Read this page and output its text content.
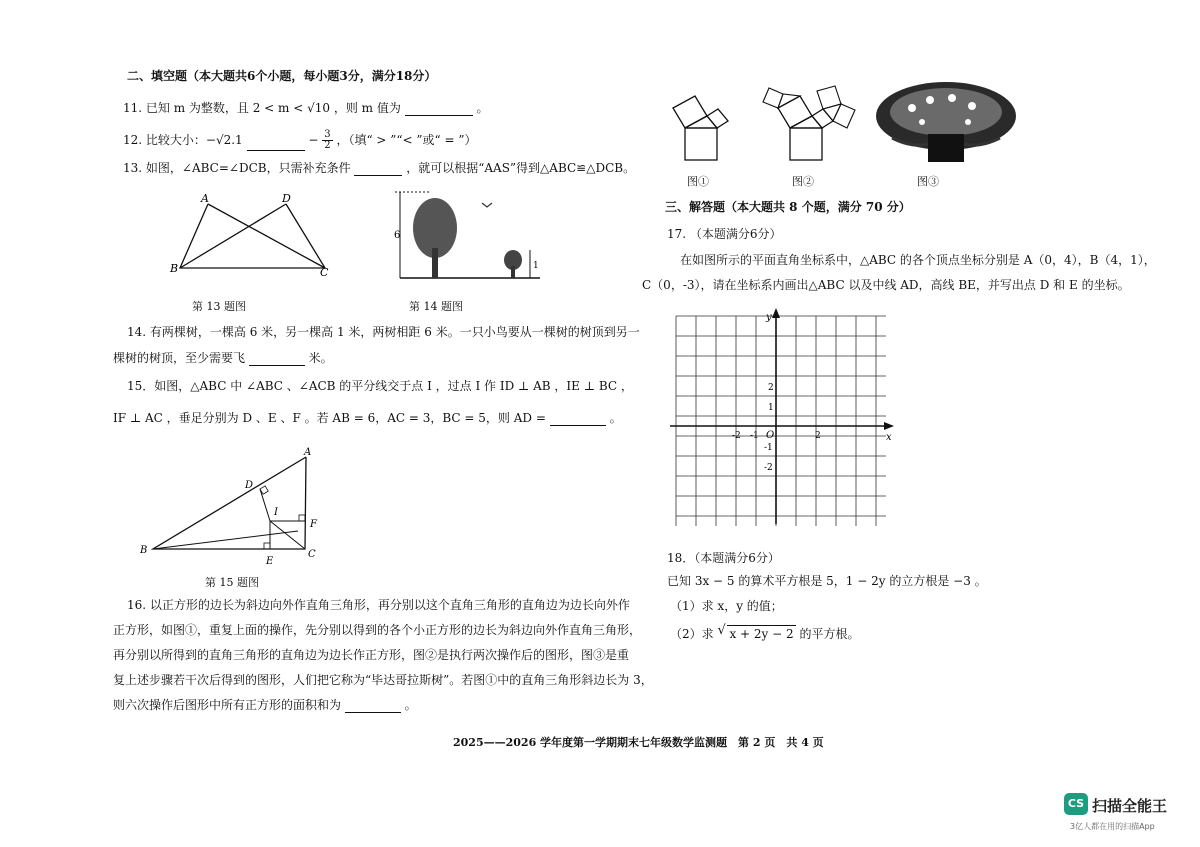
二、填空题（本大题共6个小题，每小题3分，满分18分）
11. 已知 m 为整数，且 2 < m < √10 ，则 m 值为	。
12. 比较大小：−√2.1	− $\frac{3}{2}$ ，（填“ > ”“< ”或“ = ”）
13. 如图，∠ABC=∠DCB，只需补充条件	，就可以根据“AAS”得到△ABC≌△DCB。
A	D
B	C
第 13 题图
6
1
第 14 题图
14. 有两棵树，一棵高 6 米，另一棵高 1 米，两树相距 6 米。一只小鸟要从一棵树的树顶到另一
棵树的树顶，至少需要飞	米。
15．如图，△ABC 中 ∠ABC 、∠ACB 的平分线交于点 I ，过点 I 作 ID ⊥ AB ，IE ⊥ BC ，
IF ⊥ AC ，垂足分别为 D 、E 、F 。若 AB = 6，AC = 3，BC = 5，则 AD =	。
A
B	C
D
E
F
I
第 15 题图
16. 以正方形的边长为斜边向外作直角三角形，再分别以这个直角三角形的直角边为边长向外作
正方形，如图①，重复上面的操作，先分别以得到的各个小正方形的边长为斜边向外作直角三角形，
再分别以所得到的直角三角形的直角边为边长作正方形，图②是执行两次操作后的图形，图③是重
复上述步骤若干次后得到的图形，人们把它称为“毕达哥拉斯树”。若图①中的直角三角形斜边长为 3，
则六次操作后图形中所有正方形的面积和为	。
图①	图②	图③
三、解答题（本大题共 8 个题，满分 70 分）
17. （本题满分6分）
在如图所示的平面直角坐标系中，△ABC 的各个顶点坐标分别是 A（0，4），B（4，1），
C（0，-3），请在坐标系内画出△ABC 以及中线 AD，高线 BE，并写出点 D 和 E 的坐标。
x
y
O
-2 -1	2
2
1
-1
-2
18．（本题满分6分）
已知 3x − 5 的算术平方根是 5，1 − 2y 的立方根是 −3 。
（1）求 x，y 的值；
（2）求 √ x + 2y − 2 的平方根。
2025——2026 学年度第一学期期末七年级数学监测题　第 2 页　共 4 页
CS 扫描全能王
3亿人都在用的扫描App
